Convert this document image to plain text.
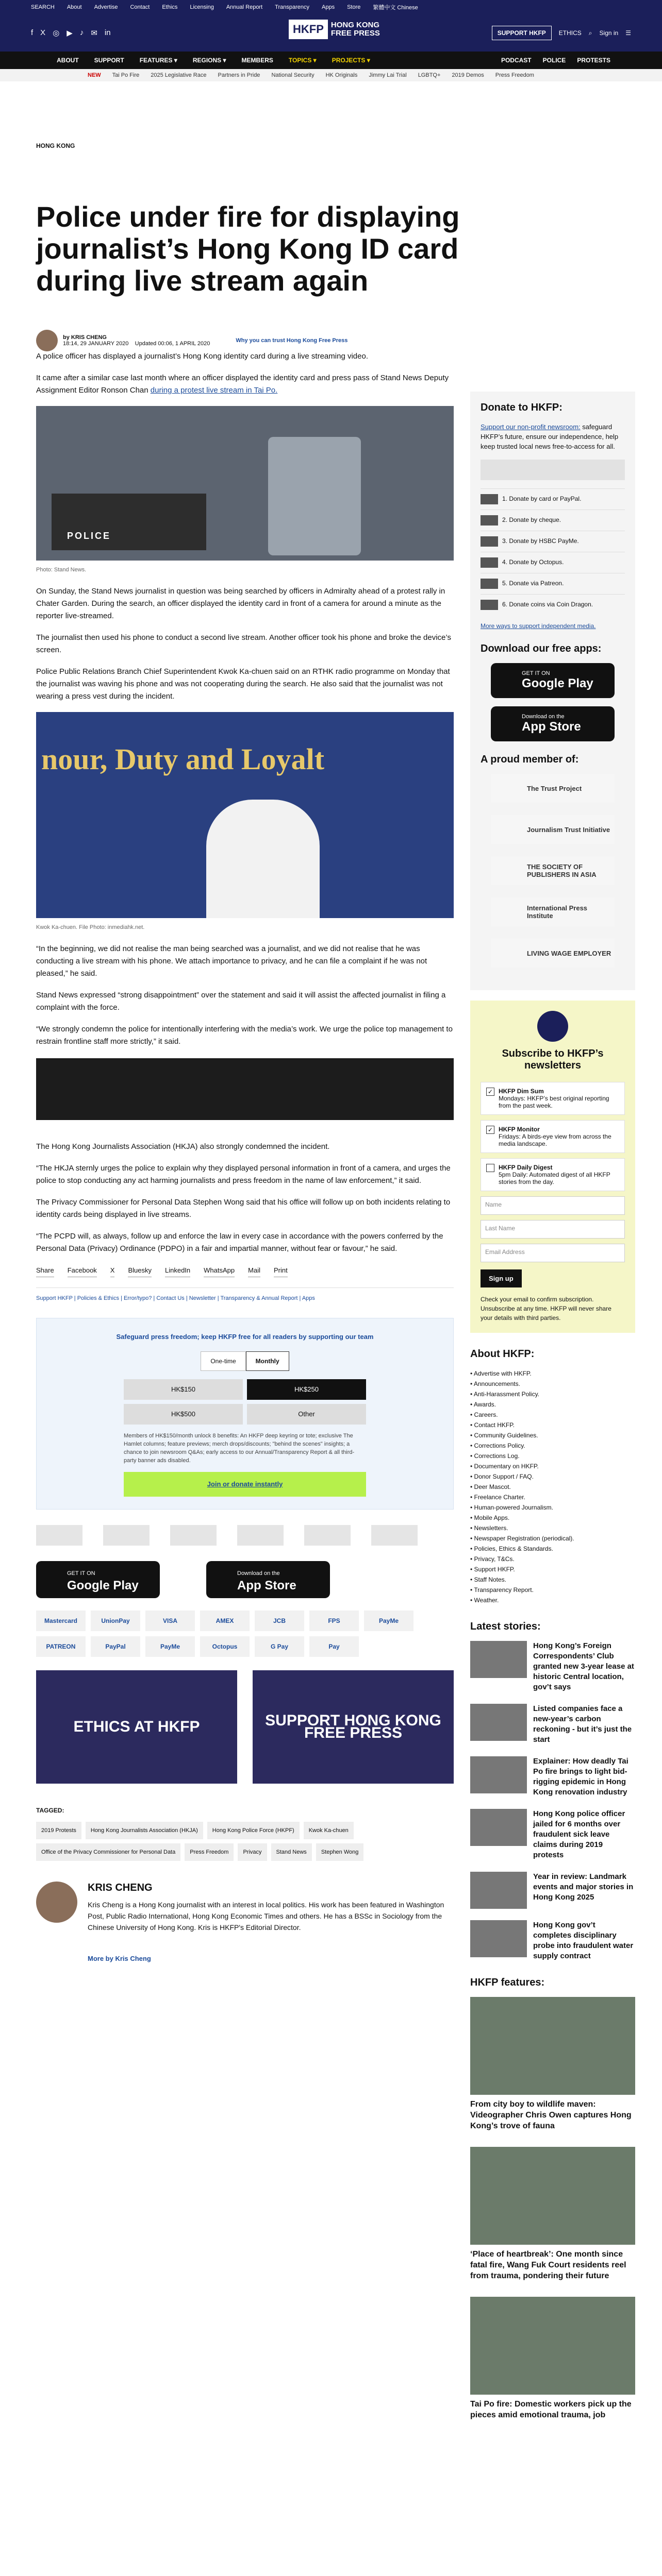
SEARCH About Advertise Contact Ethics Licensing Annual Report Transparency Apps Store 繁體中文 Chinese
f X ◎ ▶ ♪ ✉ in	HKFP HONG KONG
FREE PRESS	SUPPORT HKFP	ETHICS ⌕ Sign in ☰
ABOUT	SUPPORT	FEATURES ▾	REGIONS ▾	MEMBERS	TOPICS ▾	PROJECTS ▾	PODCAST POLICE PROTESTS
NEW Tai Po Fire 2025 Legislative Race Partners in Pride National Security HK Originals Jimmy Lai Trial LGBTQ+ 2019 Demos Press Freedom
HONG KONG
Police under fire for displaying journalist’s Hong Kong ID card during live stream again
by KRIS CHENG
18:14, 29 JANUARY 2020 Updated 00:06, 1 APRIL 2020	Why you can trust Hong Kong Free Press

A police officer has displayed a journalist’s Hong Kong identity card during a live streaming video.

It came after a similar case last month where an officer displayed the identity card and press pass of Stand News Deputy Assignment Editor Ronson Chan during a protest live stream in Tai Po.

POLICE
Photo: Stand News.

On Sunday, the Stand News journalist in question was being searched by officers in Admiralty ahead of a protest rally in Chater Garden. During the search, an officer displayed the identity card in front of a camera for around a minute as the reporter live-streamed.

The journalist then used his phone to conduct a second live stream. Another officer took his phone and broke the device’s screen.

Police Public Relations Branch Chief Superintendent Kwok Ka-chuen said on an RTHK radio programme on Monday that the journalist was waving his phone and was not cooperating during the search. He also said that the journalist was not wearing a press vest during the incident.

nour, Duty and Loyalt
Kwok Ka-chuen. File Photo: inmediahk.net.

“In the beginning, we did not realise the man being searched was a journalist, and we did not realise that he was conducting a live stream with his phone. We attach importance to privacy, and he can file a complaint if he was not pleased,” he said.

Stand News expressed “strong disappointment” over the statement and said it will assist the affected journalist in filing a complaint with the force.

“We strongly condemn the police for intentionally interfering with the media’s work. We urge the police top management to restrain frontline staff more strictly,” it said.

The Hong Kong Journalists Association (HKJA) also strongly condemned the incident.

“The HKJA sternly urges the police to explain why they displayed personal information in front of a camera, and urges the police to stop conducting any act harming journalists and press freedom in the name of law enforcement,” it said.

The Privacy Commissioner for Personal Data Stephen Wong said that his office will follow up on both incidents relating to identity cards being displayed in live streams.

“The PCPD will, as always, follow up and enforce the law in every case in accordance with the powers conferred by the Personal Data (Privacy) Ordinance (PDPO) in a fair and impartial manner, without fear or favour,” he said.

Share Facebook X Bluesky LinkedIn WhatsApp Mail Print
Support HKFP | Policies & Ethics | Error/typo? | Contact Us | Newsletter | Transparency & Annual Report | Apps
Safeguard press freedom; keep HKFP free for all readers by supporting our team
One-time	Monthly
HK$150	HK$250
HK$500	Other
Members of HK$150/month unlock 8 benefits: An HKFP deep keyring or tote; exclusive The Hamlet columns; feature previews; merch drops/discounts; "behind the scenes" insights; a chance to join newsroom Q&As; early access to our Annual/Transparency Report & all third-party banner ads disabled.
Join or donate instantly
GET IT ON
Google Play
Download on the
App Store
Mastercard	UnionPay	VISA	AMEX	JCB	FPS	PayMe
PATREON	PayPal	PayMe	Octopus	G Pay	Pay
ETHICS AT HKFP	SUPPORT HONG KONG FREE PRESS
TAGGED:
2019 Protests	Hong Kong Journalists Association (HKJA)	Hong Kong Police Force (HKPF)	Kwok Ka-chuen
Office of the Privacy Commissioner for Personal Data	Press Freedom	Privacy	Stand News	Stephen Wong
KRIS CHENG

Kris Cheng is a Hong Kong journalist with an interest in local politics. His work has been featured in Washington Post, Public Radio International, Hong Kong Economic Times and others. He has a BSSc in Sociology from the Chinese University of Hong Kong. Kris is HKFP's Editorial Director.

More by Kris Cheng
Donate to HKFP:
Support our non-profit newsroom: safeguard HKFP’s future, ensure our independence, help keep trusted local news free-to-access for all.
1. Donate by card or PayPal.
2. Donate by cheque.
3. Donate by HSBC PayMe.
4. Donate by Octopus.
5. Donate via Patreon.
6. Donate coins via Coin Dragon.
More ways to support independent media.
Download our free apps:
GET IT ON
Google Play
Download on the
App Store
A proud member of:
The Trust Project
Journalism Trust Initiative
THE SOCIETY OF PUBLISHERS IN ASIA
International Press Institute
LIVING WAGE EMPLOYER
Subscribe to HKFP’s newsletters
✓ HKFP Dim Sum
Mondays: HKFP’s best original reporting from the past week.
✓ HKFP Monitor
Fridays: A birds-eye view from across the media landscape.
HKFP Daily Digest
5pm Daily: Automated digest of all HKFP stories from the day.
Name
Last Name
Email Address
Sign up
Check your email to confirm subscription. Unsubscribe at any time. HKFP will never share your details with third parties.
About HKFP:
• Advertise with HKFP.
• Announcements.
• Anti-Harassment Policy.
• Awards.
• Careers.
• Contact HKFP.
• Community Guidelines.
• Corrections Policy.
• Corrections Log.
• Documentary on HKFP.
• Donor Support / FAQ.
• Deer Mascot.
• Freelance Charter.
• Human-powered Journalism.
• Mobile Apps.
• Newsletters.
• Newspaper Registration (periodical).
• Policies, Ethics & Standards.
• Privacy, T&Cs.
• Support HKFP.
• Staff Notes.
• Transparency Report.
• Weather.
Latest stories:
Hong Kong’s Foreign Correspondents’ Club granted new 3-year lease at historic Central location, gov’t says
Listed companies face a new-year’s carbon reckoning - but it’s just the start
Explainer: How deadly Tai Po fire brings to light bid-rigging epidemic in Hong Kong renovation industry
Hong Kong police officer jailed for 6 months over fraudulent sick leave claims during 2019 protests
Year in review: Landmark events and major stories in Hong Kong 2025
Hong Kong gov’t completes disciplinary probe into fraudulent water supply contract
HKFP features:
From city boy to wildlife maven: Videographer Chris Owen captures Hong Kong’s trove of fauna
‘Place of heartbreak’: One month since fatal fire, Wang Fuk Court residents reel from trauma, pondering their future
Tai Po fire: Domestic workers pick up the pieces amid emotional trauma, job
